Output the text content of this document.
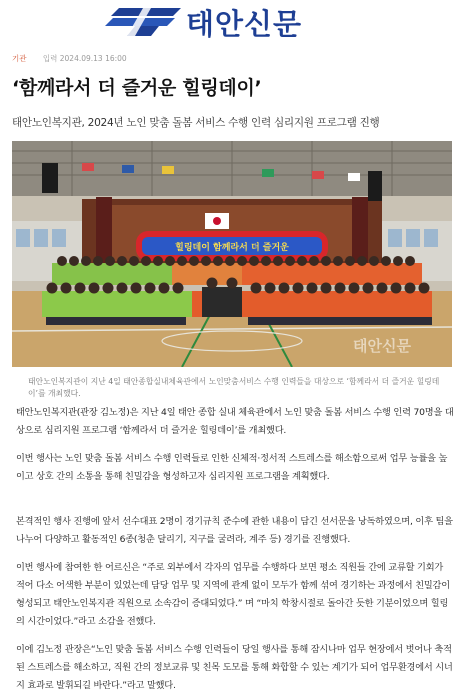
태안신문
기관 입력 2024.09.13 16:00
‘함께라서 더 즐거운 힐링데이’
태안노인복지관, 2024년 노인 맞춤 돌봄 서비스 수행 인력 심리지원 프로그램 진행
힐링데이 함께라서 더 즐거운
태안신문
태안노인복지관이 지난 4일 태안종합실내체육관에서 노인맞춤서비스 수행 인력들을 대상으로 ‘함께라서 더 즐거운 힐링데이’를 개최했다.

태안노인복지관(관장 김노정)은 지난 4일 태안 종합 실내 체육관에서 노인 맞춤 돌봄 서비스 수행 인력 70명을 대상으로 심리지원 프로그램 ‘함께라서 더 즐거운 힐링데이’를 개최했다.

이번 행사는 노인 맞춤 돌봄 서비스 수행 인력들로 인한 신체적·정서적 스트레스를 해소함으로써 업무 능률을 높이고 상호 간의 소통을 통해 친밀감을 형성하고자 심리지원 프로그램을 계획했다.

본격적인 행사 진행에 앞서 선수대표 2명이 경기규칙 준수에 관한 내용이 담긴 선서문을 낭독하였으며, 이후 팀을 나누어 다양하고 활동적인 6종(청춘 달리기, 지구를 굴려라, 계주 등) 경기를 진행했다.

이번 행사에 참여한 한 어르신은 “주로 외부에서 각자의 업무를 수행하다 보면 평소 직원들 간에 교류할 기회가 적어 다소 어색한 부분이 있었는데 담당 업무 및 지역에 관계 없이 모두가 함께 섞여 경기하는 과정에서 친밀감이 형성되고 태안노인복지관 직원으로 소속감이 증대되었다.” 며 “마치 학창시절로 돌아간 듯한 기분이었으며 힐링의 시간이었다.”라고 소감을 전했다.

이에 김노정 관장은“노인 맞춤 돌봄 서비스 수행 인력들이 당일 행사를 통해 잠시나마 업무 현장에서 벗어나 축적된 스트레스를 해소하고, 직원 간의 정보교류 및 친목 도모를 통해 화합할 수 있는 계기가 되어 업무환경에서 시너지 효과로 발휘되길 바란다.”라고 말했다.
